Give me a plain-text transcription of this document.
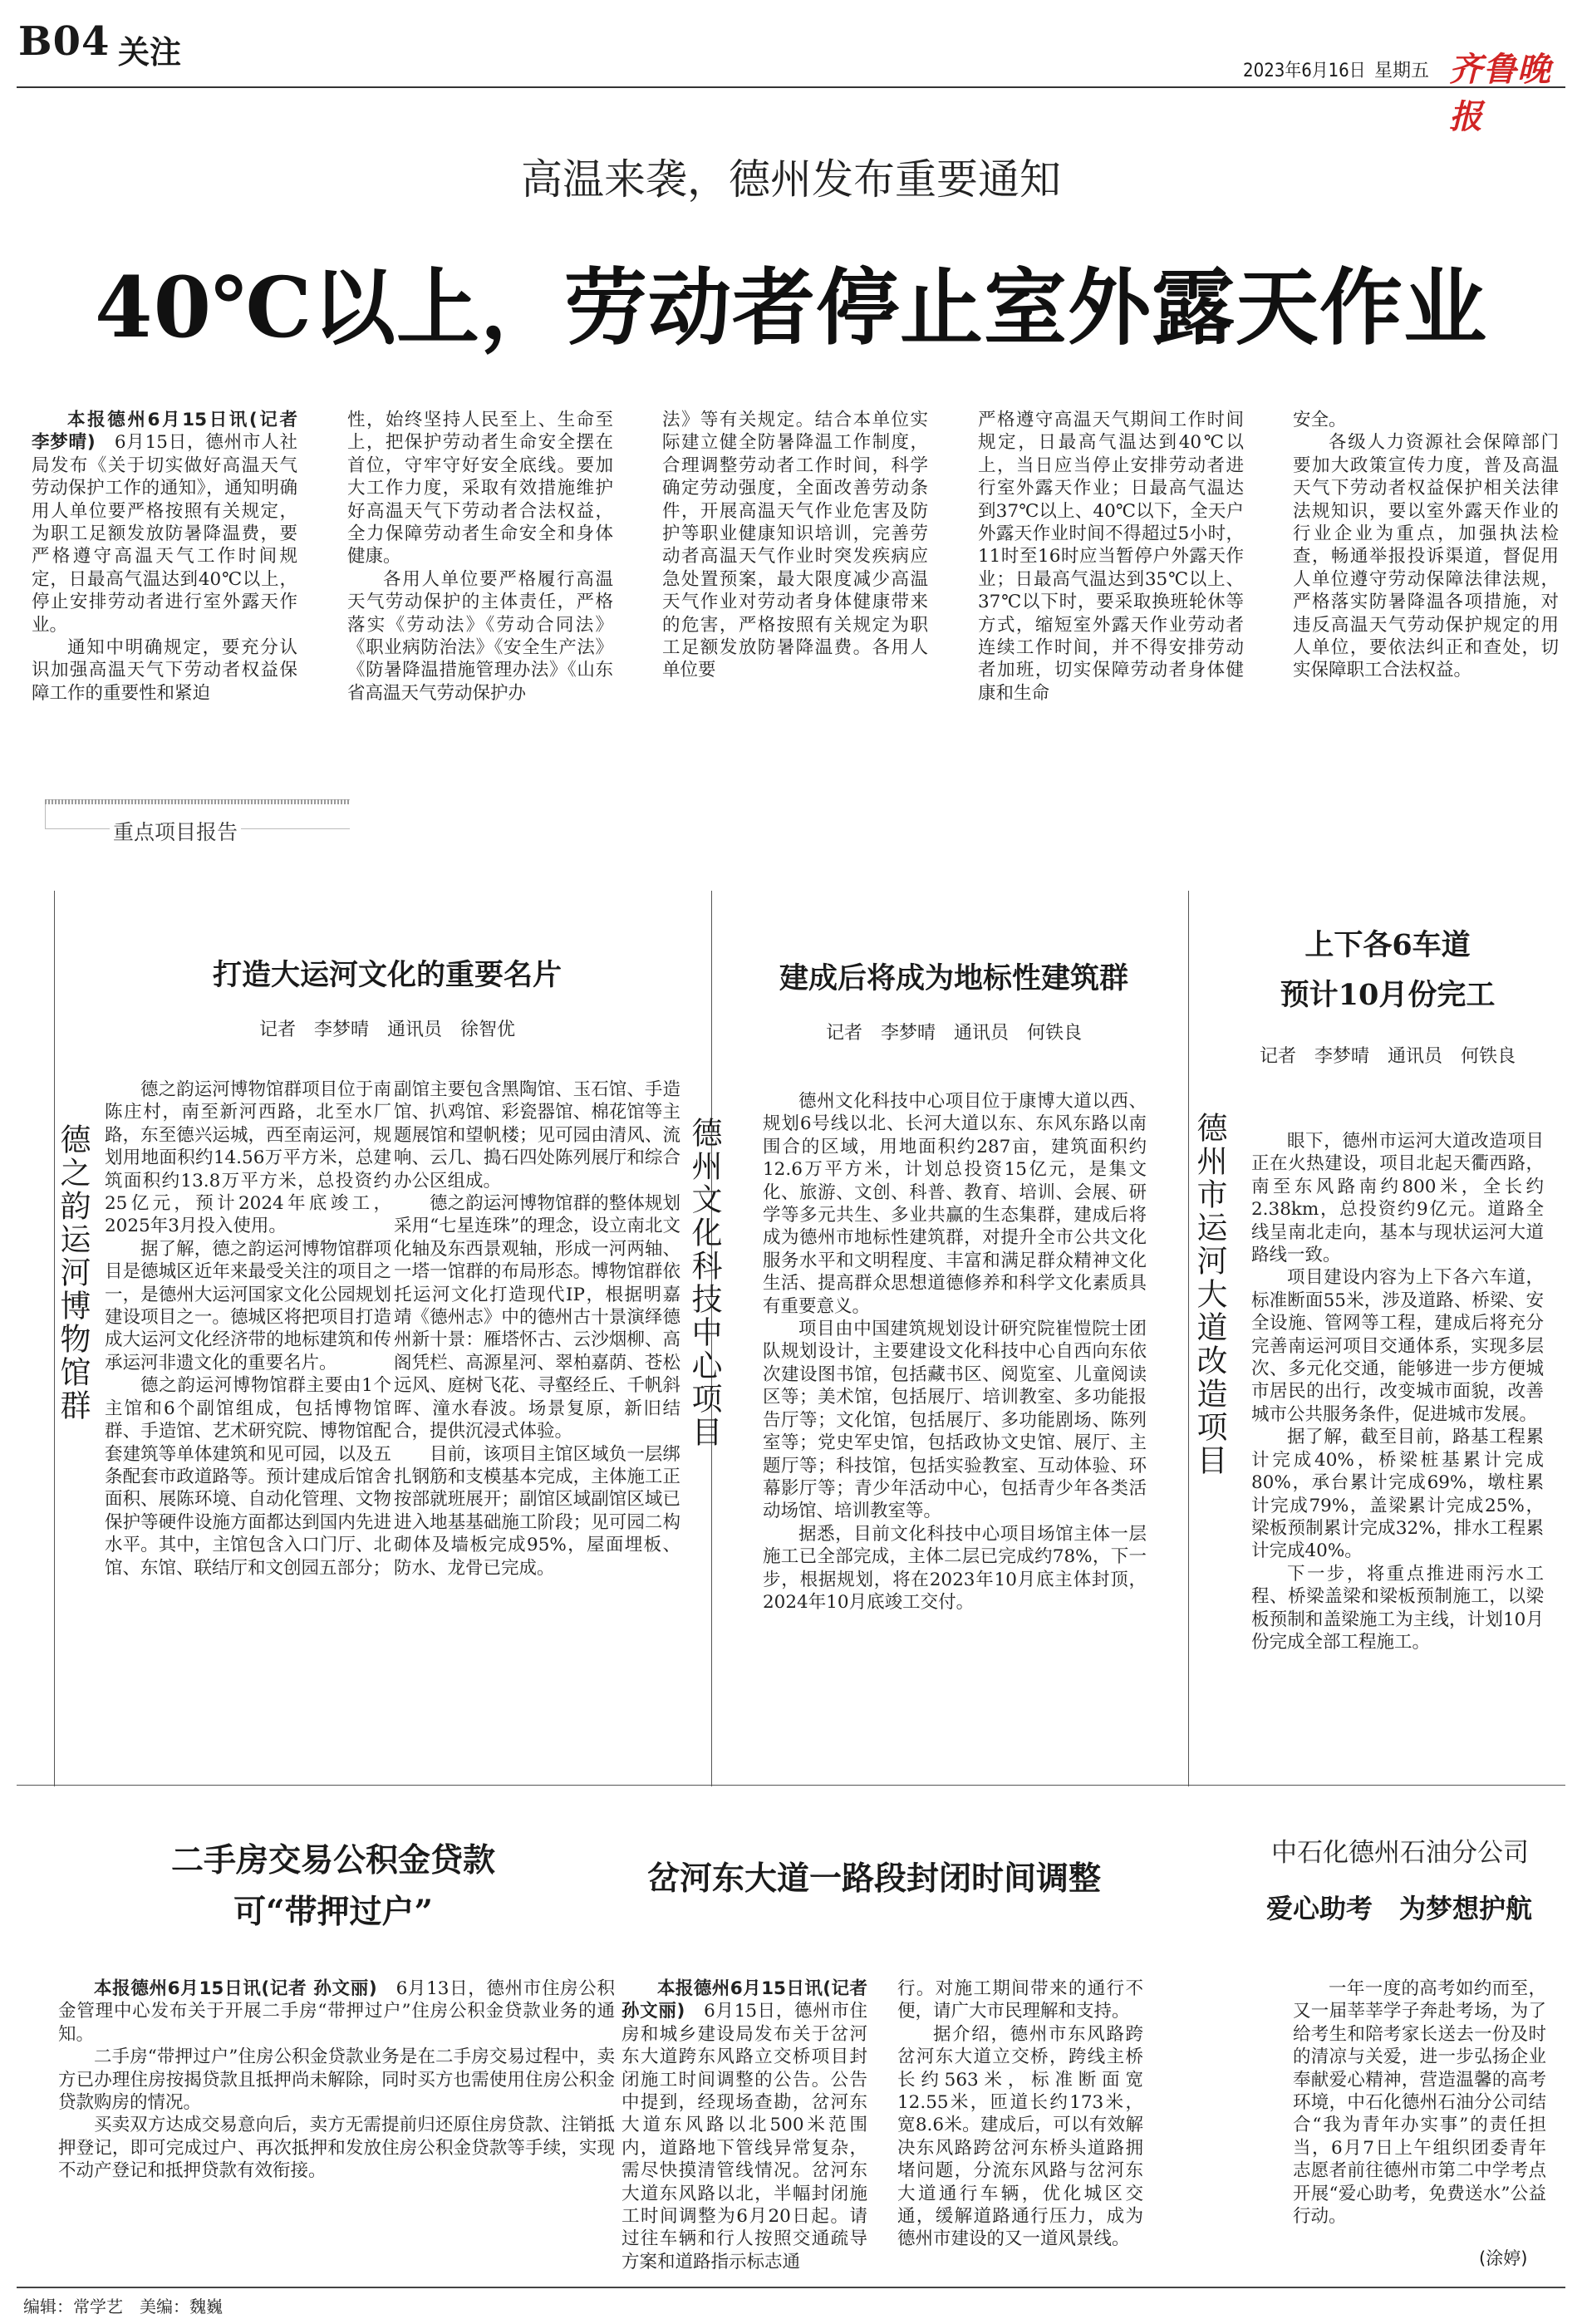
B04 关注
2023年6月16日 星期五 齐鲁晚报
高温来袭，德州发布重要通知
40℃以上，劳动者停止室外露天作业

本报德州6月15日讯(记者 李梦晴)　 6月15日，德州市人社局发布《关于切实做好高温天气劳动保护工作的通知》，通知明确用人单位要严格按照有关规定，为职工足额发放防暑降温费，要严格遵守高温天气工作时间规定，日最高气温达到40℃以上，停止安排劳动者进行室外露天作业。

通知中明确规定，要充分认识加强高温天气下劳动者权益保障工作的重要性和紧迫

性，始终坚持人民至上、生命至上，把保护劳动者生命安全摆在首位，守牢守好安全底线。要加大工作力度，采取有效措施维护好高温天气下劳动者合法权益，全力保障劳动者生命安全和身体健康。

各用人单位要严格履行高温天气劳动保护的主体责任，严格落实《劳动法》《劳动合同法》《职业病防治法》《安全生产法》《防暑降温措施管理办法》《山东省高温天气劳动保护办

法》等有关规定。结合本单位实际建立健全防暑降温工作制度，合理调整劳动者工作时间，科学确定劳动强度，全面改善劳动条件，开展高温天气作业危害及防护等职业健康知识培训，完善劳动者高温天气作业时突发疾病应急处置预案，最大限度减少高温天气作业对劳动者身体健康带来的危害，严格按照有关规定为职工足额发放防暑降温费。各用人单位要

严格遵守高温天气期间工作时间规定，日最高气温达到40℃以上，当日应当停止安排劳动者进行室外露天作业；日最高气温达到37℃以上、40℃以下，全天户外露天作业时间不得超过5小时，11时至16时应当暂停户外露天作业；日最高气温达到35℃以上、37℃以下时，要采取换班轮休等方式，缩短室外露天作业劳动者连续工作时间，并不得安排劳动者加班，切实保障劳动者身体健康和生命

安全。

各级人力资源社会保障部门要加大政策宣传力度，普及高温天气下劳动者权益保护相关法律法规知识，要以室外露天作业的行业企业为重点，加强执法检查，畅通举报投诉渠道，督促用人单位遵守劳动保障法律法规，严格落实防暑降温各项措施，对违反高温天气劳动保护规定的用人单位，要依法纠正和查处，切实保障职工合法权益。

重点项目报告
德之韵运河博物馆群
打造大运河文化的重要名片
记者　李梦晴　通讯员　徐智优

德之韵运河博物馆群项目位于南陈庄村，南至新河西路，北至水厂路，东至德兴运城，西至南运河，规划用地面积约14.56万平方米，总建筑面积约13.8万平方米，总投资约25亿元，预计2024年底竣工，2025年3月投入使用。

据了解，德之韵运河博物馆群项目是德城区近年来最受关注的项目之一，是德州大运河国家文化公园规划建设项目之一。德城区将把项目打造成大运河文化经济带的地标建筑和传承运河非遗文化的重要名片。

德之韵运河博物馆群主要由1个主馆和6个副馆组成，包括博物馆群、手造馆、艺术研究院、博物馆配套建筑等单体建筑和见可园，以及五条配套市政道路等。预计建成后馆舍面积、展陈环境、自动化管理、文物保护等硬件设施方面都达到国内先进水平。其中，主馆包含入口门厅、北馆、东馆、联结厅和文创园五部分；

副馆主要包含黑陶馆、玉石馆、手造馆、扒鸡馆、彩瓷器馆、棉花馆等主题展馆和望帆楼；见可园由清风、流响、云几、搗石四处陈列展厅和综合办公区组成。

德之韵运河博物馆群的整体规划采用“七星连珠”的理念，设立南北文化轴及东西景观轴，形成一河两轴、一塔一馆群的布局形态。博物馆群依托运河文化打造现代IP，根据明嘉靖《德州志》中的德州古十景演绎德州新十景：雁塔怀古、云沙烟柳、高阁凭栏、高源星河、翠柏嘉荫、苍松远风、庭树飞花、寻壑经丘、千帆斜晖、潼水春波。场景复原，新旧结合，提供沉浸式体验。

目前，该项目主馆区域负一层绑扎钢筋和支模基本完成，主体施工正按部就班展开；副馆区域副馆区域已进入地基基础施工阶段；见可园二构砌体及墙板完成95%，屋面埋板、防水、龙骨已完成。

德州文化科技中心项目
建成后将成为地标性建筑群
记者　李梦晴　通讯员　何铁良

德州文化科技中心项目位于康博大道以西、规划6号线以北、长河大道以东、东风东路以南围合的区域，用地面积约287亩，建筑面积约12.6万平方米，计划总投资15亿元，是集文化、旅游、文创、科普、教育、培训、会展、研学等多元共生、多业共赢的生态集群，建成后将成为德州市地标性建筑群，对提升全市公共文化服务水平和文明程度、丰富和满足群众精神文化生活、提高群众思想道德修养和科学文化素质具有重要意义。

项目由中国建筑规划设计研究院崔愷院士团队规划设计，主要建设文化科技中心自西向东依次建设图书馆，包括藏书区、阅览室、儿童阅读区等；美术馆，包括展厅、培训教室、多功能报告厅等；文化馆，包括展厅、多功能剧场、陈列室等；党史军史馆，包括政协文史馆、展厅、主题厅等；科技馆，包括实验教室、互动体验、环幕影厅等；青少年活动中心，包括青少年各类活动场馆、培训教室等。

据悉，目前文化科技中心项目场馆主体一层施工已全部完成，主体二层已完成约78%，下一步，根据规划，将在2023年10月底主体封顶，2024年10月底竣工交付。

德州市运河大道改造项目
上下各6车道
预计10月份完工
记者　李梦晴　通讯员　何铁良

眼下，德州市运河大道改造项目正在火热建设，项目北起天衢西路，南至东风路南约800米，全长约2.38km，总投资约9亿元。道路全线呈南北走向，基本与现状运河大道路线一致。

项目建设内容为上下各六车道，标准断面55米，涉及道路、桥梁、安全设施、管网等工程，建成后将充分完善南运河项目交通体系，实现多层次、多元化交通，能够进一步方便城市居民的出行，改变城市面貌，改善城市公共服务条件，促进城市发展。

据了解，截至目前，路基工程累计完成40%，桥梁桩基累计完成80%，承台累计完成69%，墩柱累计完成79%，盖梁累计完成25%，梁板预制累计完成32%，排水工程累计完成40%。

下一步，将重点推进雨污水工程、桥梁盖梁和梁板预制施工，以梁板预制和盖梁施工为主线，计划10月份完成全部工程施工。

二手房交易公积金贷款
可“带押过户”

本报德州6月15日讯(记者 孙文丽)　 6月13日，德州市住房公积金管理中心发布关于开展二手房“带押过户”住房公积金贷款业务的通知。

二手房“带押过户”住房公积金贷款业务是在二手房交易过程中，卖方已办理住房按揭贷款且抵押尚未解除，同时买方也需使用住房公积金贷款购房的情况。

买卖双方达成交易意向后，卖方无需提前归还原住房贷款、注销抵押登记，即可完成过户、再次抵押和发放住房公积金贷款等手续，实现不动产登记和抵押贷款有效衔接。

岔河东大道一路段封闭时间调整

本报德州6月15日讯(记者 孙文丽)　 6月15日，德州市住房和城乡建设局发布关于岔河东大道跨东风路立交桥项目封闭施工时间调整的公告。公告中提到，经现场查勘，岔河东大道东风路以北500米范围内，道路地下管线异常复杂，需尽快摸清管线情况。岔河东大道东风路以北，半幅封闭施工时间调整为6月20日起。请过往车辆和行人按照交通疏导方案和道路指示标志通

行。对施工期间带来的通行不便，请广大市民理解和支持。

据介绍，德州市东风路跨岔河东大道立交桥，跨线主桥长约563米，标准断面宽12.55米，匝道长约173米，宽8.6米。建成后，可以有效解决东风路跨岔河东桥头道路拥堵问题，分流东风路与岔河东大道通行车辆，优化城区交通，缓解道路通行压力，成为德州市建设的又一道风景线。

中石化德州石油分公司
爱心助考　为梦想护航

一年一度的高考如约而至，又一届莘莘学子奔赴考场，为了给考生和陪考家长送去一份及时的清凉与关爱，进一步弘扬企业奉献爱心精神，营造温馨的高考环境，中石化德州石油分公司结合“我为青年办实事”的责任担当，6月7日上午组织团委青年志愿者前往德州市第二中学考点开展“爱心助考，免费送水”公益行动。

(涂婷)
编辑：常学艺　美编：魏巍
